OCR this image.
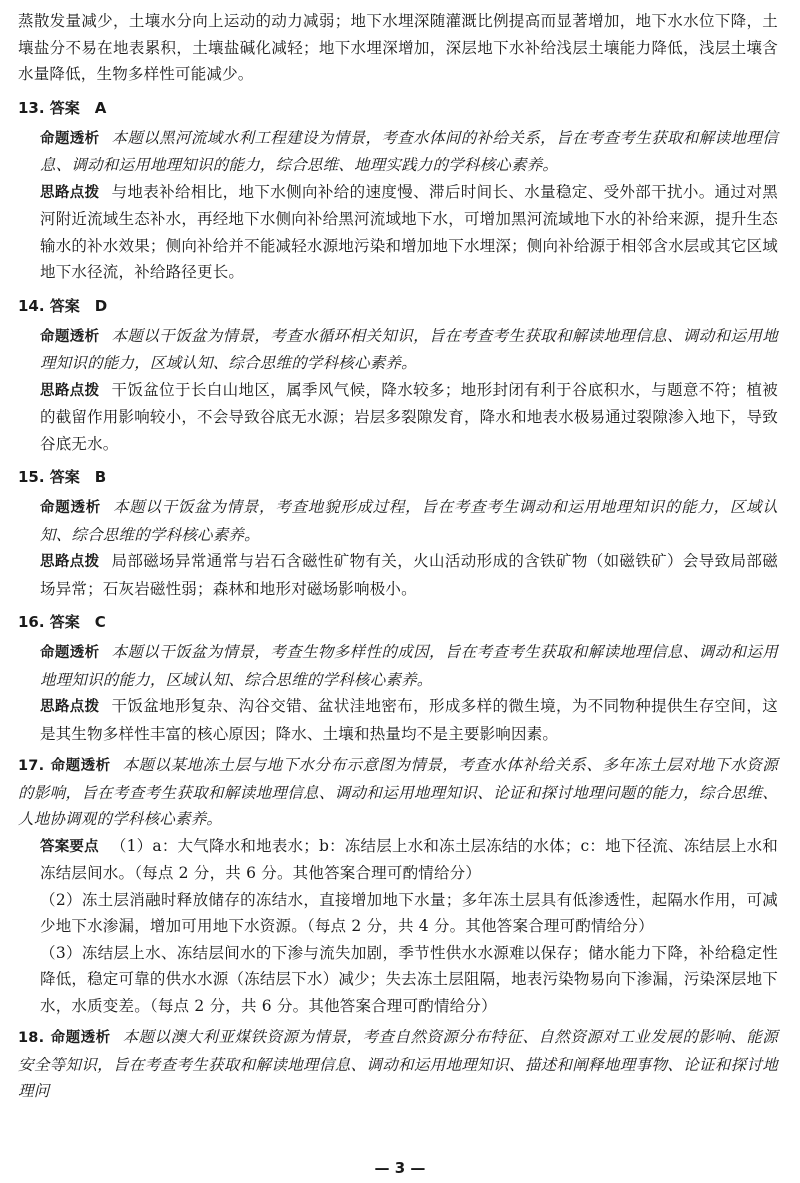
蒸散发量减少，土壤水分向上运动的动力减弱；地下水埋深随灌溉比例提高而显著增加，地下水水位下降，土壤盐分不易在地表累积，土壤盐碱化减轻；地下水埋深增加，深层地下水补给浅层土壤能力降低，浅层土壤含水量降低，生物多样性可能减少。

13. 答案　A

命题透析 本题以黑河流域水利工程建设为情景，考查水体间的补给关系，旨在考查考生获取和解读地理信息、调动和运用地理知识的能力，综合思维、地理实践力的学科核心素养。

思路点拨 与地表补给相比，地下水侧向补给的速度慢、滞后时间长、水量稳定、受外部干扰小。通过对黑河附近流域生态补水，再经地下水侧向补给黑河流域地下水，可增加黑河流域地下水的补给来源，提升生态输水的补水效果；侧向补给并不能减轻水源地污染和增加地下水埋深；侧向补给源于相邻含水层或其它区域地下水径流，补给路径更长。

14. 答案　D

命题透析 本题以干饭盆为情景，考查水循环相关知识，旨在考查考生获取和解读地理信息、调动和运用地理知识的能力，区域认知、综合思维的学科核心素养。

思路点拨 干饭盆位于长白山地区，属季风气候，降水较多；地形封闭有利于谷底积水，与题意不符；植被的截留作用影响较小，不会导致谷底无水源；岩层多裂隙发育，降水和地表水极易通过裂隙渗入地下，导致谷底无水。

15. 答案　B

命题透析 本题以干饭盆为情景，考查地貌形成过程，旨在考查考生调动和运用地理知识的能力，区域认知、综合思维的学科核心素养。

思路点拨 局部磁场异常通常与岩石含磁性矿物有关，火山活动形成的含铁矿物（如磁铁矿）会导致局部磁场异常；石灰岩磁性弱；森林和地形对磁场影响极小。

16. 答案　C

命题透析 本题以干饭盆为情景，考查生物多样性的成因，旨在考查考生获取和解读地理信息、调动和运用地理知识的能力，区域认知、综合思维的学科核心素养。

思路点拨 干饭盆地形复杂、沟谷交错、盆状洼地密布，形成多样的微生境，为不同物种提供生存空间，这是其生物多样性丰富的核心原因；降水、土壤和热量均不是主要影响因素。

17. 命题透析 本题以某地冻土层与地下水分布示意图为情景，考查水体补给关系、多年冻土层对地下水资源的影响，旨在考查考生获取和解读地理信息、调动和运用地理知识、论证和探讨地理问题的能力，综合思维、人地协调观的学科核心素养。

答案要点 （1）a：大气降水和地表水；b：冻结层上水和冻土层冻结的水体；c：地下径流、冻结层上水和冻结层间水。（每点 2 分，共 6 分。其他答案合理可酌情给分）

（2）冻土层消融时释放储存的冻结水，直接增加地下水量；多年冻土层具有低渗透性，起隔水作用，可减少地下水渗漏，增加可用地下水资源。（每点 2 分，共 4 分。其他答案合理可酌情给分）

（3）冻结层上水、冻结层间水的下渗与流失加剧，季节性供水水源难以保存；储水能力下降，补给稳定性降低，稳定可靠的供水水源（冻结层下水）减少；失去冻土层阻隔，地表污染物易向下渗漏，污染深层地下水，水质变差。（每点 2 分，共 6 分。其他答案合理可酌情给分）

18. 命题透析 本题以澳大利亚煤铁资源为情景，考查自然资源分布特征、自然资源对工业发展的影响、能源安全等知识，旨在考查考生获取和解读地理信息、调动和运用地理知识、描述和阐释地理事物、论证和探讨地理问

— 3 —
